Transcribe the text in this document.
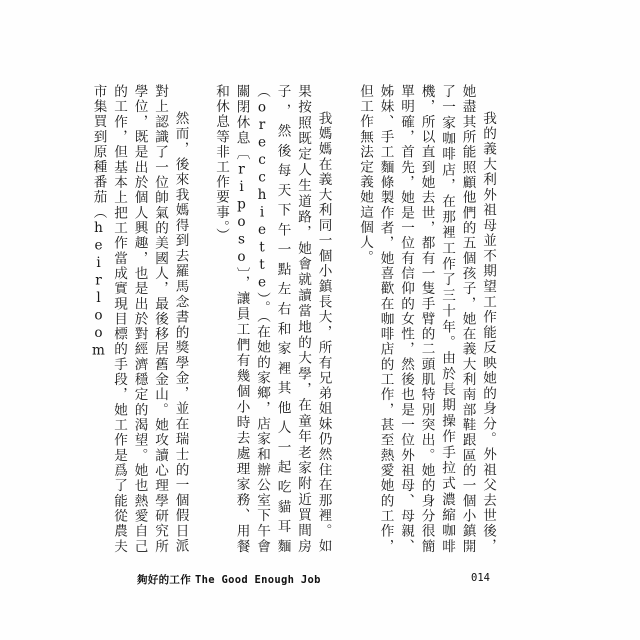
我的義大利外祖母並不期望工作能反映她的身分。外祖父去世後，她盡其所能照顧他們的五個孩子，她在義大利南部鞋跟區的一個小鎮開了一家咖啡店，在那裡工作了三十年。由於長期操作手拉式濃縮咖啡機，所以直到她去世，都有一隻手臂的二頭肌特別突出。她的身分很簡單明確，首先，她是一位有信仰的女性，然後也是一位外祖母、母親、姊妹、手工麵條製作者，她喜歡在咖啡店的工作，甚至熱愛她的工作，但工作無法定義她這個人。

我媽媽在義大利同一個小鎮長大，所有兄弟姐妹仍然住在那裡。如果按照既定人生道路，她會就讀當地的大學，在童年老家附近買間房子，然後每天下午一點左右和家裡其他人一起吃貓耳麵（orecchiette）。（在她的家鄉，店家和辦公室下午會關閉休息〔riposo〕，讓員工們有幾個小時去處理家務、用餐和休息等非工作要事。）

然而，後來我媽得到去羅馬念書的獎學金，並在瑞士的一個假日派對上認識了一位帥氣的美國人，最後移居舊金山。她攻讀心理學研究所學位，既是出於個人興趣，也是出於對經濟穩定的渴望。她也熱愛自己的工作，但基本上把工作當成實現目標的手段，她工作是爲了能從農夫市集買到原種番茄（heirloom

夠好的工作 The Good Enough Job	014
